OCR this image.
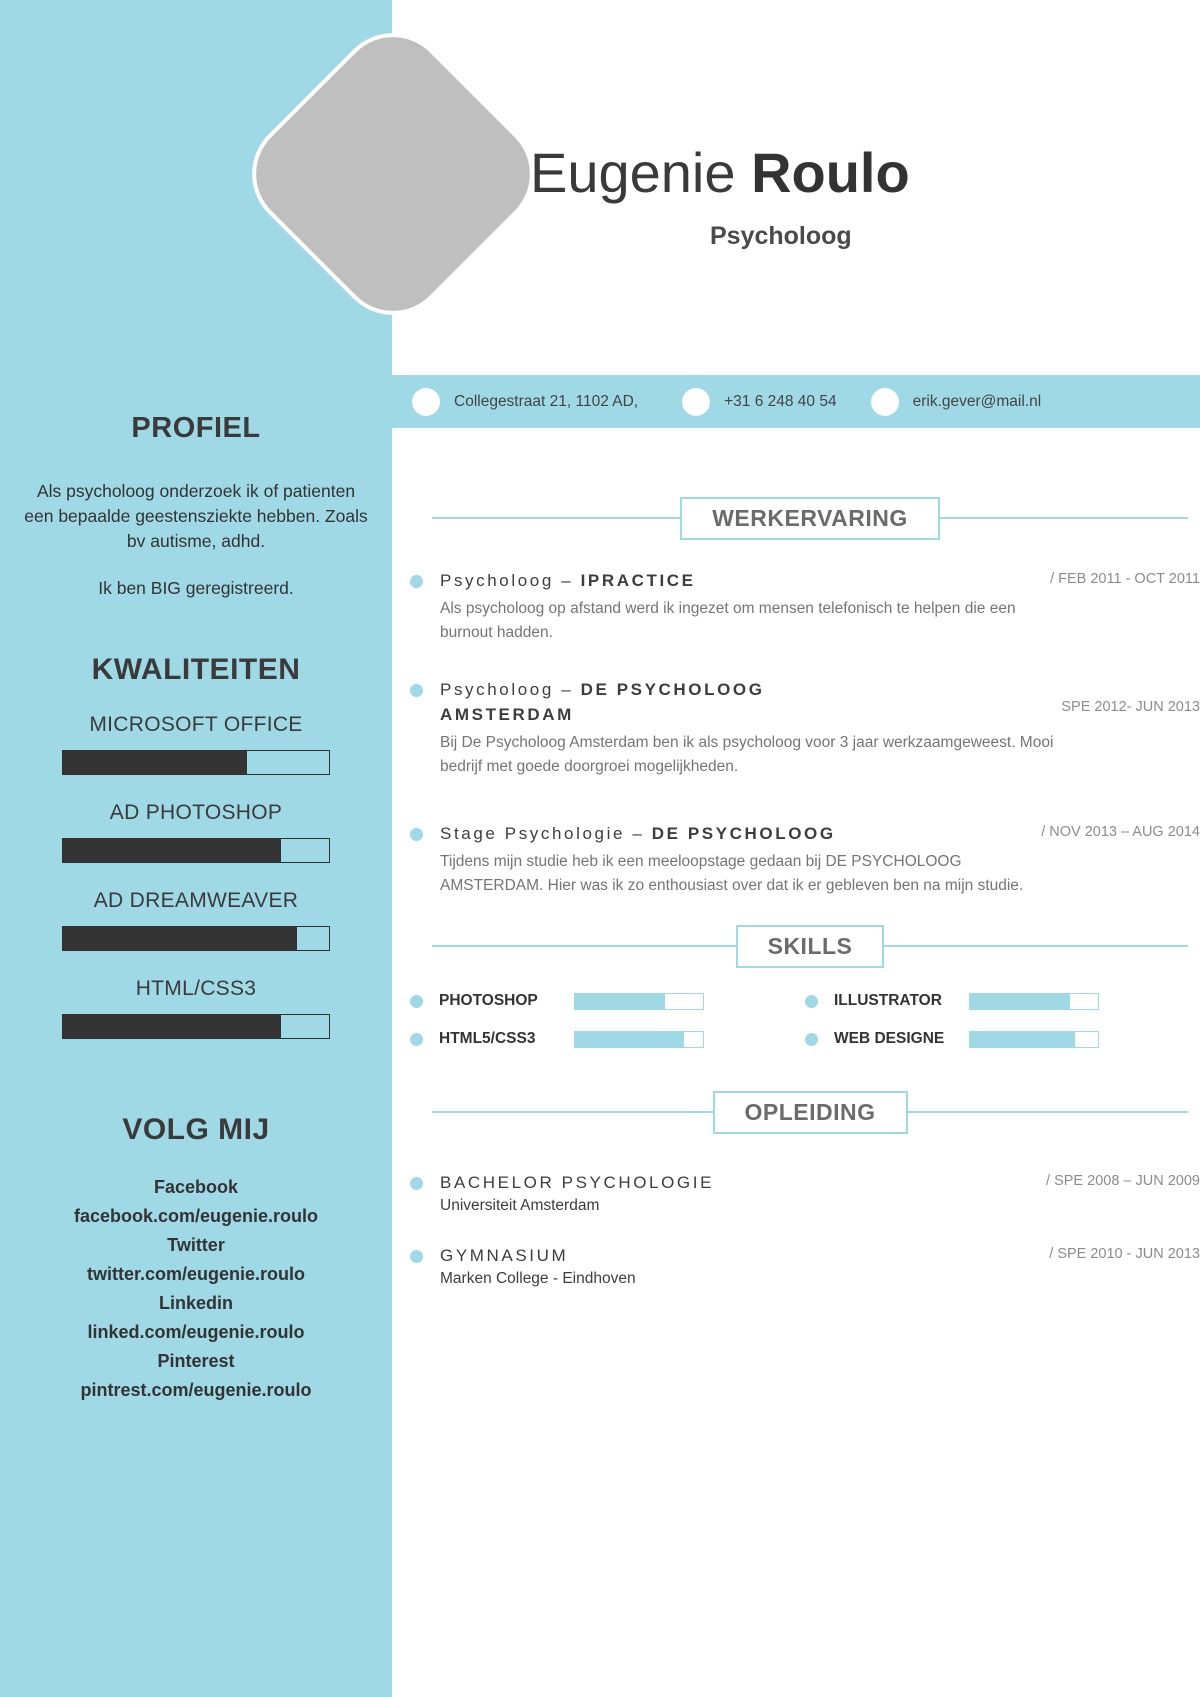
PROFIEL
Als psycholoog onderzoek ik of patienten een bepaalde geestensziekte hebben. Zoals bv autisme, adhd.
Ik ben BIG geregistreerd.
KWALITEITEN
MICROSOFT OFFICE
AD PHOTOSHOP
AD DREAMWEAVER
HTML/CSS3
VOLG MIJ
Facebook
facebook.com/eugenie.roulo
Twitter
twitter.com/eugenie.roulo
Linkedin
linked.com/eugenie.roulo
Pinterest
pintrest.com/eugenie.roulo
Eugenie Roulo
Psycholoog
Collegestraat 21, 1102 AD,	+31 6 248 40 54	erik.gever@mail.nl
WERKERVARING
Psycholoog – IPRACTICE	/ FEB 2011 - OCT 2011
Als psycholoog op afstand werd ik ingezet om mensen telefonisch te helpen die een burnout hadden.
Psycholoog – DE PSYCHOLOOG AMSTERDAM	SPE 2012- JUN 2013
Bij De Psycholoog Amsterdam ben ik als psycholoog voor 3 jaar werkzaamgeweest. Mooi bedrijf met goede doorgroei mogelijkheden.
Stage Psychologie – DE PSYCHOLOOG	/ NOV 2013 – AUG 2014
Tijdens mijn studie heb ik een meeloopstage gedaan bij DE PSYCHOLOOG AMSTERDAM. Hier was ik zo enthousiast over dat ik er gebleven ben na mijn studie.
SKILLS
PHOTOSHOP	ILLUSTRATOR
HTML5/CSS3	WEB DESIGNE
OPLEIDING
BACHELOR PSYCHOLOGIE	/ SPE 2008 – JUN 2009
Universiteit Amsterdam
GYMNASIUM	/ SPE 2010 - JUN 2013
Marken College - Eindhoven
